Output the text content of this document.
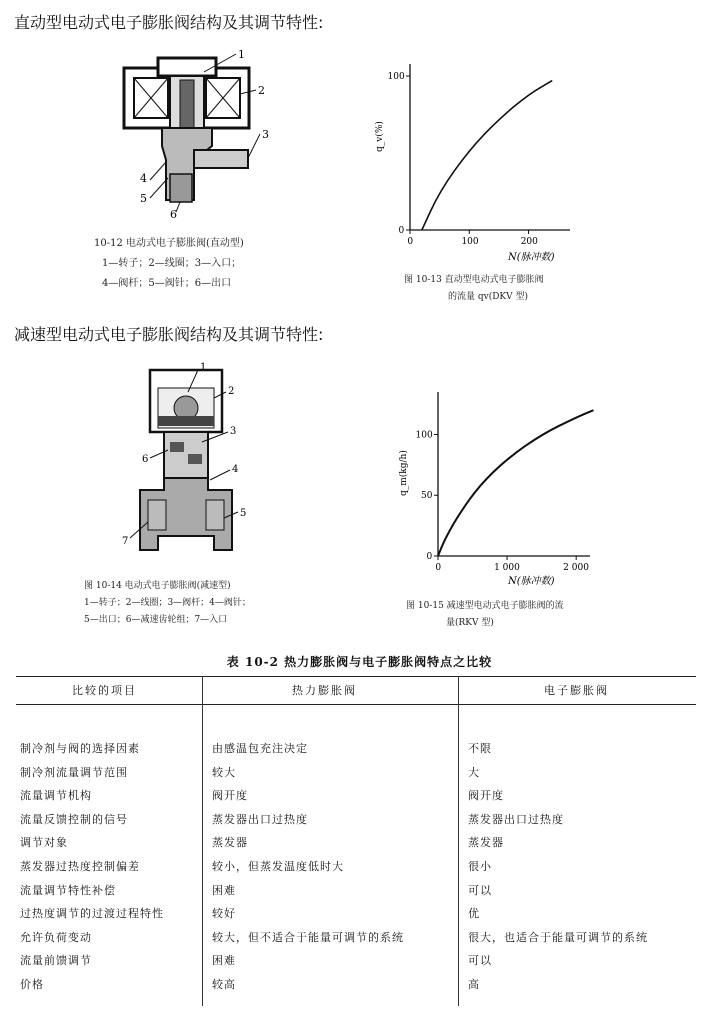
直动型电动式电子膨胀阀结构及其调节特性:
1
2
3
4
5
6
10-12 电动式电子膨胀阀(直动型)
1—转子；2—线圈；3—入口；
4—阀杆；5—阀针；6—出口
q_v(%)
N(脉冲数)
0	100	200
0
100
图 10-13 直动型电动式电子膨胀阀
的流量 qv(DKV 型)
减速型电动式电子膨胀阀结构及其调节特性:
1
2
3
4
5
6
7
图 10-14 电动式电子膨胀阀(减速型)
1—转子；2—线圈；3—阀杆；4—阀针；
5—出口；6—减速齿轮组；7—入口
q_m(kg/h)
N(脉冲数)
0	1 000	2 000
0
50
100
图 10-15 减速型电动式电子膨胀阀的流
量(RKV 型)
表 10-2 热力膨胀阀与电子膨胀阀特点之比较
比较的项目	热力膨胀阀	电子膨胀阀
制冷剂与阀的选择因素	由感温包充注决定	不限
制冷剂流量调节范围	较大	大
流量调节机构	阀开度	阀开度
流量反馈控制的信号	蒸发器出口过热度	蒸发器出口过热度
调节对象	蒸发器	蒸发器
蒸发器过热度控制偏差	较小，但蒸发温度低时大	很小
流量调节特性补偿	困难	可以
过热度调节的过渡过程特性	较好	优
允许负荷变动	较大，但不适合于能量可调节的系统	很大，也适合于能量可调节的系统
流量前馈调节	困难	可以
价格	较高	高
